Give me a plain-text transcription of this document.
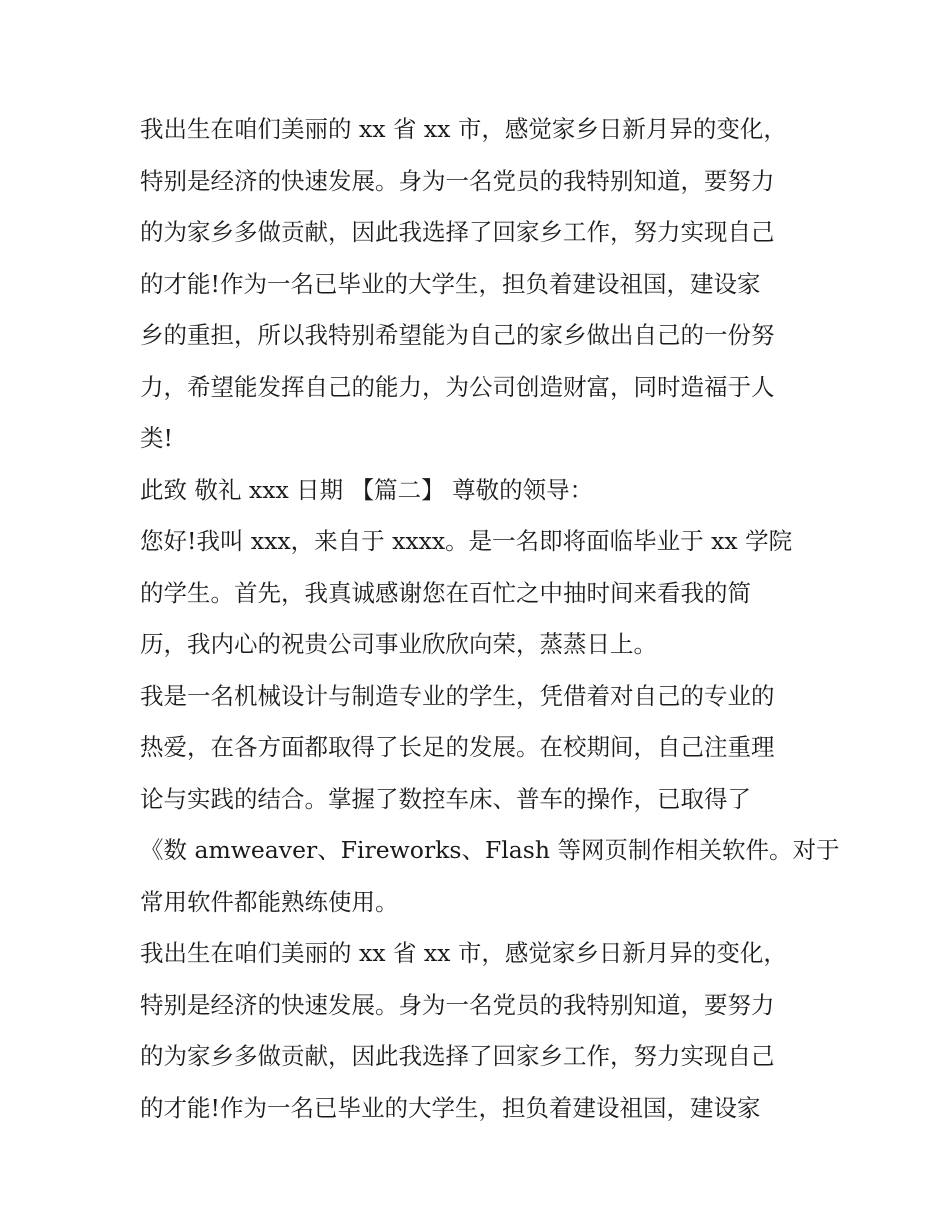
我出生在咱们美丽的 xx 省 xx 市，感觉家乡日新月异的变化，
特别是经济的快速发展。身为一名党员的我特别知道，要努力
的为家乡多做贡献，因此我选择了回家乡工作，努力实现自己
的才能!作为一名已毕业的大学生，担负着建设祖国，建设家
乡的重担，所以我特别希望能为自己的家乡做出自己的一份努
力，希望能发挥自己的能力，为公司创造财富，同时造福于人
类!
此致 敬礼 xxx 日期 【篇二】 尊敬的领导：
您好!我叫 xxx，来自于 xxxx。是一名即将面临毕业于 xx 学院
的学生。首先，我真诚感谢您在百忙之中抽时间来看我的简
历，我内心的祝贵公司事业欣欣向荣，蒸蒸日上。
我是一名机械设计与制造专业的学生，凭借着对自己的专业的
热爱，在各方面都取得了长足的发展。在校期间，自己注重理
论与实践的结合。掌握了数控车床、普车的操作，已取得了
《数 amweaver、Fireworks、Flash 等网页制作相关软件。对于
常用软件都能熟练使用。
我出生在咱们美丽的 xx 省 xx 市，感觉家乡日新月异的变化，
特别是经济的快速发展。身为一名党员的我特别知道，要努力
的为家乡多做贡献，因此我选择了回家乡工作，努力实现自己
的才能!作为一名已毕业的大学生，担负着建设祖国，建设家
